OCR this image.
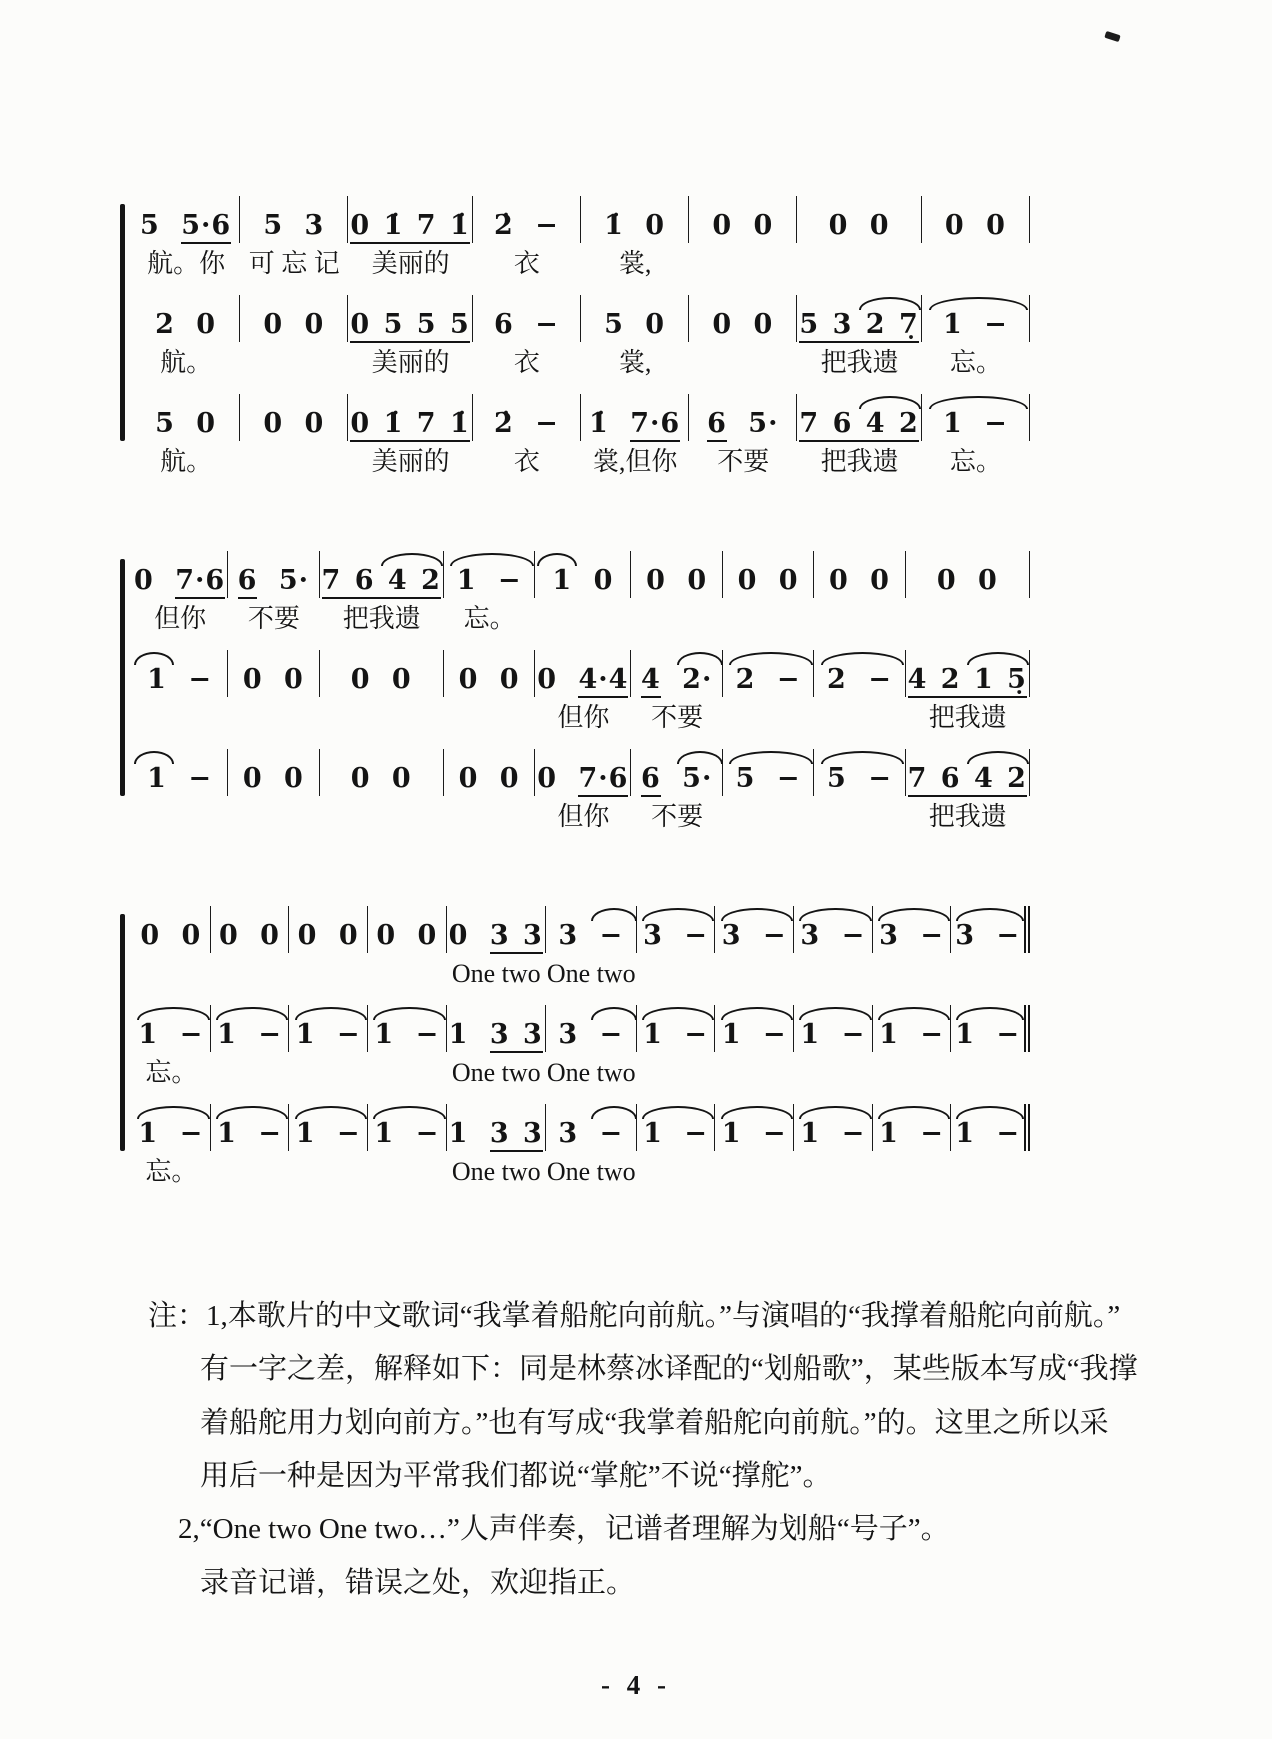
5 5·6	5 3 0 1̇ 7 1̇ 2̇ −	1̇ 0	0 0	0 0	0 0
航。你 可 忘 记	美丽的	衣	裳,
2 0	0 0 0 5 5 5 6 −	5 0	0 0 5 3 2 7̣ 1 −
航。	美丽的	衣	裳,	把我遗	忘。
5 0	0 0 0 1̇ 7 1̇ 2̇ −	1̇ 7·6 6 5· 7 6 4 2 1 −
航。	美丽的	衣	裳,但你	不要	把我遗	忘。
0 7·6 6 5· 7 6 4 2 1 −	1 0	0 0	0 0	0 0	0 0
但你	不要	把我遗	忘。
1 −	0 0	0 0	0 0 0 4·4 4 2· 2 − 2 − 4 2 1 5̣
但你	不要	把我遗
1 −	0 0	0 0	0 0 0 7·6 6 5· 5 − 5 − 7 6 4 2
但你	不要	把我遗
0 0 0 0 0 0 0 0 0 3 3 3 − 3 − 3 − 3 − 3 − 3 −
One two One two
1 − 1 − 1 − 1 − 1 3 3 3 − 1 − 1 − 1 − 1 − 1 −
忘。	One two One two
1 − 1 − 1 − 1 − 1 3 3 3 − 1 − 1 − 1 − 1 − 1 −
忘。	One two One two

注：1,本歌片的中文歌词“我掌着船舵向前航。”与演唱的“我撑着船舵向前航。”

有一字之差，解释如下：同是林蔡冰译配的“划船歌”，某些版本写成“我撑

着船舵用力划向前方。”也有写成“我掌着船舵向前航。”的。这里之所以采

用后一种是因为平常我们都说“掌舵”不说“撑舵”。

2,“One two One two…”人声伴奏，记谱者理解为划船“号子”。

录音记谱，错误之处，欢迎指正。

- 4 -
